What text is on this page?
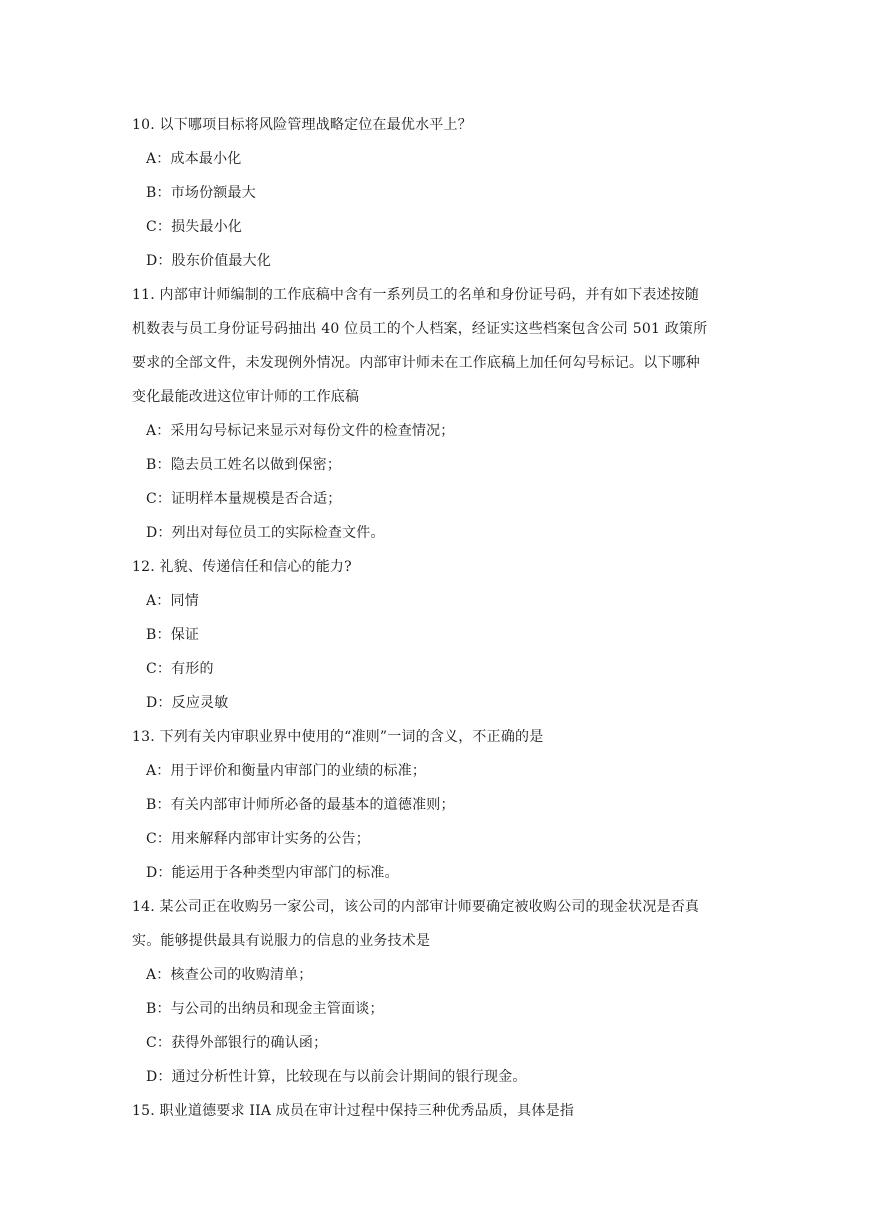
10. 以下哪项目标将风险管理战略定位在最优水平上？
A：成本最小化
B：市场份额最大
C：损失最小化
D：股东价值最大化
11. 内部审计师编制的工作底稿中含有一系列员工的名单和身份证号码，并有如下表述按随
机数表与员工身份证号码抽出 40 位员工的个人档案，经证实这些档案包含公司 501 政策所
要求的全部文件，未发现例外情况。内部审计师未在工作底稿上加任何勾号标记。以下哪种
变化最能改进这位审计师的工作底稿
A：采用勾号标记来显示对每份文件的检查情况；
B：隐去员工姓名以做到保密；
C：证明样本量规模是否合适；
D：列出对每位员工的实际检查文件。
12. 礼貌、传递信任和信心的能力?
A：同情
B：保证
C：有形的
D：反应灵敏
13. 下列有关内审职业界中使用的“准则”一词的含义，不正确的是
A：用于评价和衡量内审部门的业绩的标准；
B：有关内部审计师所必备的最基本的道德准则；
C：用来解释内部审计实务的公告；
D：能运用于各种类型内审部门的标准。
14. 某公司正在收购另一家公司，该公司的内部审计师要确定被收购公司的现金状况是否真
实。能够提供最具有说服力的信息的业务技术是
A：核查公司的收购清单；
B：与公司的出纳员和现金主管面谈；
C：获得外部银行的确认函；
D：通过分析性计算，比较现在与以前会计期间的银行现金。
15. 职业道德要求 IIA 成员在审计过程中保持三种优秀品质，具体是指
